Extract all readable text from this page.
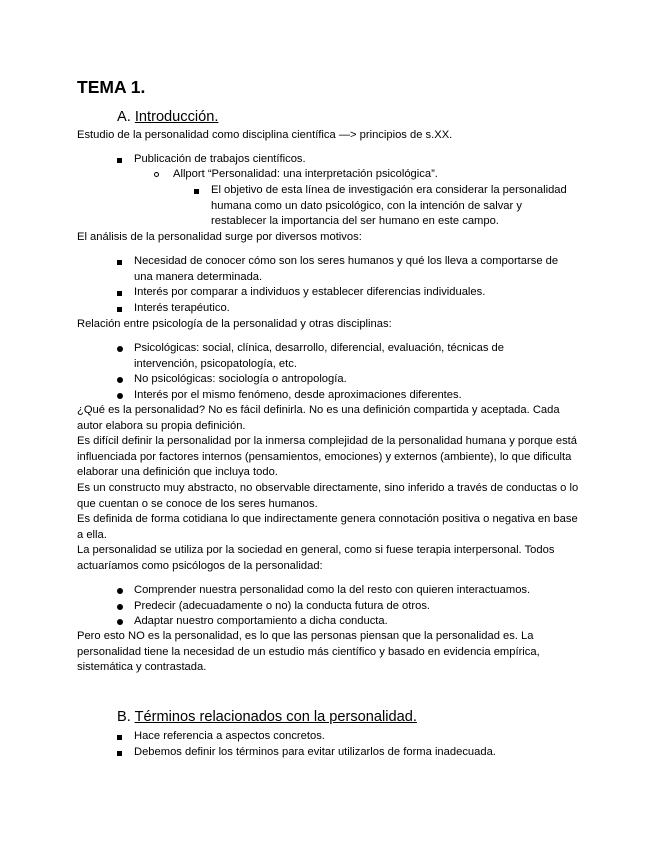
TEMA 1.
A. Introducción.

Estudio de la personalidad como disciplina científica —> principios de s.XX.

Publicación de trabajos científicos.
Allport “Personalidad: una interpretación psicológica”.
El objetivo de esta línea de investigación era considerar la personalidad humana como un dato psicológico, con la intención de salvar y restablecer la importancia del ser humano en este campo.

El análisis de la personalidad surge por diversos motivos:

Necesidad de conocer cómo son los seres humanos y qué los lleva a comportarse de una manera determinada.
Interés por comparar a individuos y establecer diferencias individuales.
Interés terapéutico.

Relación entre psicología de la personalidad y otras disciplinas:

Psicológicas: social, clínica, desarrollo, diferencial, evaluación, técnicas de intervención, psicopatología, etc.
No psicológicas: sociología o antropología.
Interés por el mismo fenómeno, desde aproximaciones diferentes.

¿Qué es la personalidad? No es fácil definirla. No es una definición compartida y aceptada. Cada autor elabora su propia definición.

Es difícil definir la personalidad por la inmersa complejidad de la personalidad humana y porque está influenciada por factores internos (pensamientos, emociones) y externos (ambiente), lo que dificulta elaborar una definición que incluya todo.

Es un constructo muy abstracto, no observable directamente, sino inferido a través de conductas o lo que cuentan o se conoce de los seres humanos.

Es definida de forma cotidiana lo que indirectamente genera connotación positiva o negativa en base a ella.

La personalidad se utiliza por la sociedad en general, como si fuese terapia interpersonal. Todos actuaríamos como psicólogos de la personalidad:

Comprender nuestra personalidad como la del resto con quieren interactuamos.
Predecir (adecuadamente o no) la conducta futura de otros.
Adaptar nuestro comportamiento a dicha conducta.

Pero esto NO es la personalidad, es lo que las personas piensan que la personalidad es. La personalidad tiene la necesidad de un estudio más científico y basado en evidencia empírica, sistemática y contrastada.

B. Términos relacionados con la personalidad.
Hace referencia a aspectos concretos.
Debemos definir los términos para evitar utilizarlos de forma inadecuada.
